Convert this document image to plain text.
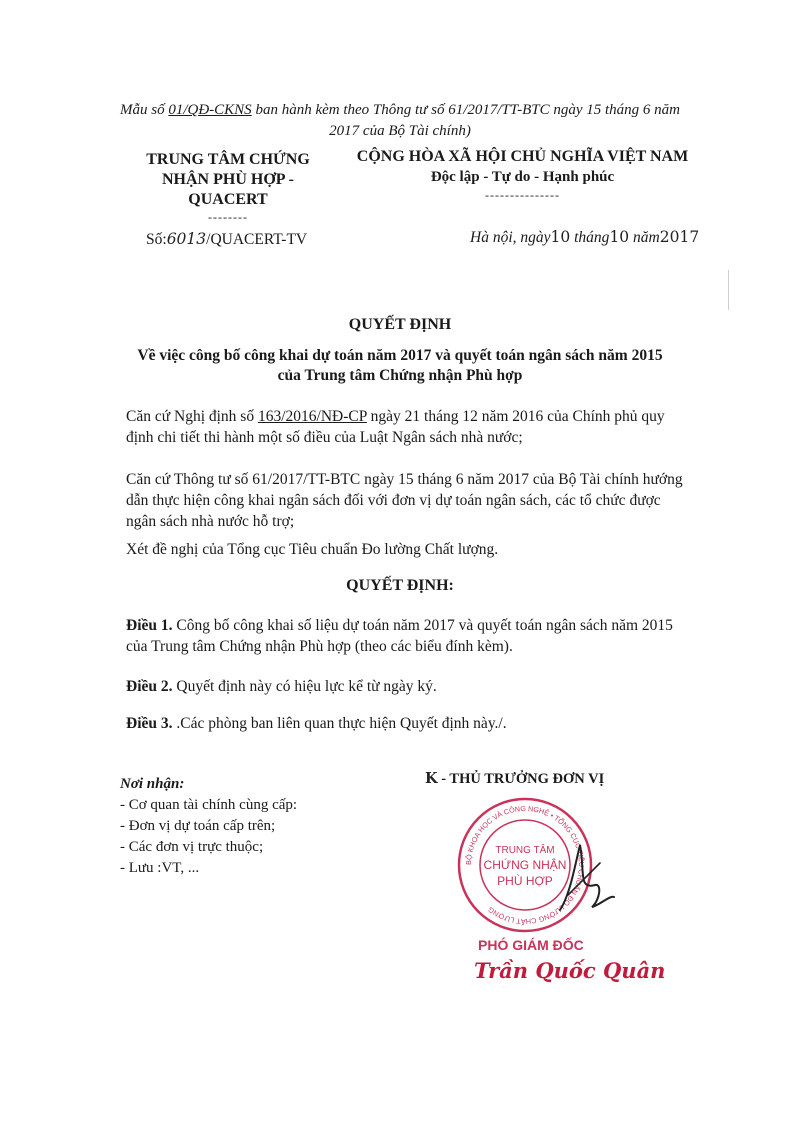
Mẫu số 01/QĐ-CKNS ban hành kèm theo Thông tư số 61/2017/TT-BTC ngày 15 tháng 6 năm 2017 của Bộ Tài chính)
TRUNG TÂM CHỨNG
NHẬN PHÙ HỢP -
QUACERT
--------
CỘNG HÒA XÃ HỘI CHỦ NGHĨA VIỆT NAM
Độc lập - Tự do - Hạnh phúc
---------------
Số:6013/QUACERT-TV	Hà nội, ngày10 tháng10 năm2017
QUYẾT ĐỊNH
Về việc công bố công khai dự toán năm 2017 và quyết toán ngân sách năm 2015
của Trung tâm Chứng nhận Phù hợp
Căn cứ Nghị định số 163/2016/NĐ-CP ngày 21 tháng 12 năm 2016 của Chính phủ quy định chi tiết thi hành một số điều của Luật Ngân sách nhà nước;
Căn cứ Thông tư số 61/2017/TT-BTC ngày 15 tháng 6 năm 2017 của Bộ Tài chính hướng dẫn thực hiện công khai ngân sách đối với đơn vị dự toán ngân sách, các tổ chức được ngân sách nhà nước hỗ trợ;
Xét đề nghị của Tổng cục Tiêu chuẩn Đo lường Chất lượng.
QUYẾT ĐỊNH:
Điều 1. Công bố công khai số liệu dự toán năm 2017 và quyết toán ngân sách năm 2015 của Trung tâm Chứng nhận Phù hợp (theo các biểu đính kèm).
Điều 2. Quyết định này có hiệu lực kể từ ngày ký.
Điều 3. .Các phòng ban liên quan thực hiện Quyết định này./.
Nơi nhận:
- Cơ quan tài chính cùng cấp:
- Đơn vị dự toán cấp trên;
- Các đơn vị trực thuộc;
- Lưu :VT, ...
K - THỦ TRƯỞNG ĐƠN VỊ
BỘ KHOA HỌC VÀ CÔNG NGHỆ • TỔNG CỤC TIÊU CHUẨN ĐO LƯỜNG CHẤT LƯỢNG
TRUNG TÂM
CHỨNG NHẬN
PHÙ HỢP
PHÓ GIÁM ĐỐC
Trần Quốc Quân
